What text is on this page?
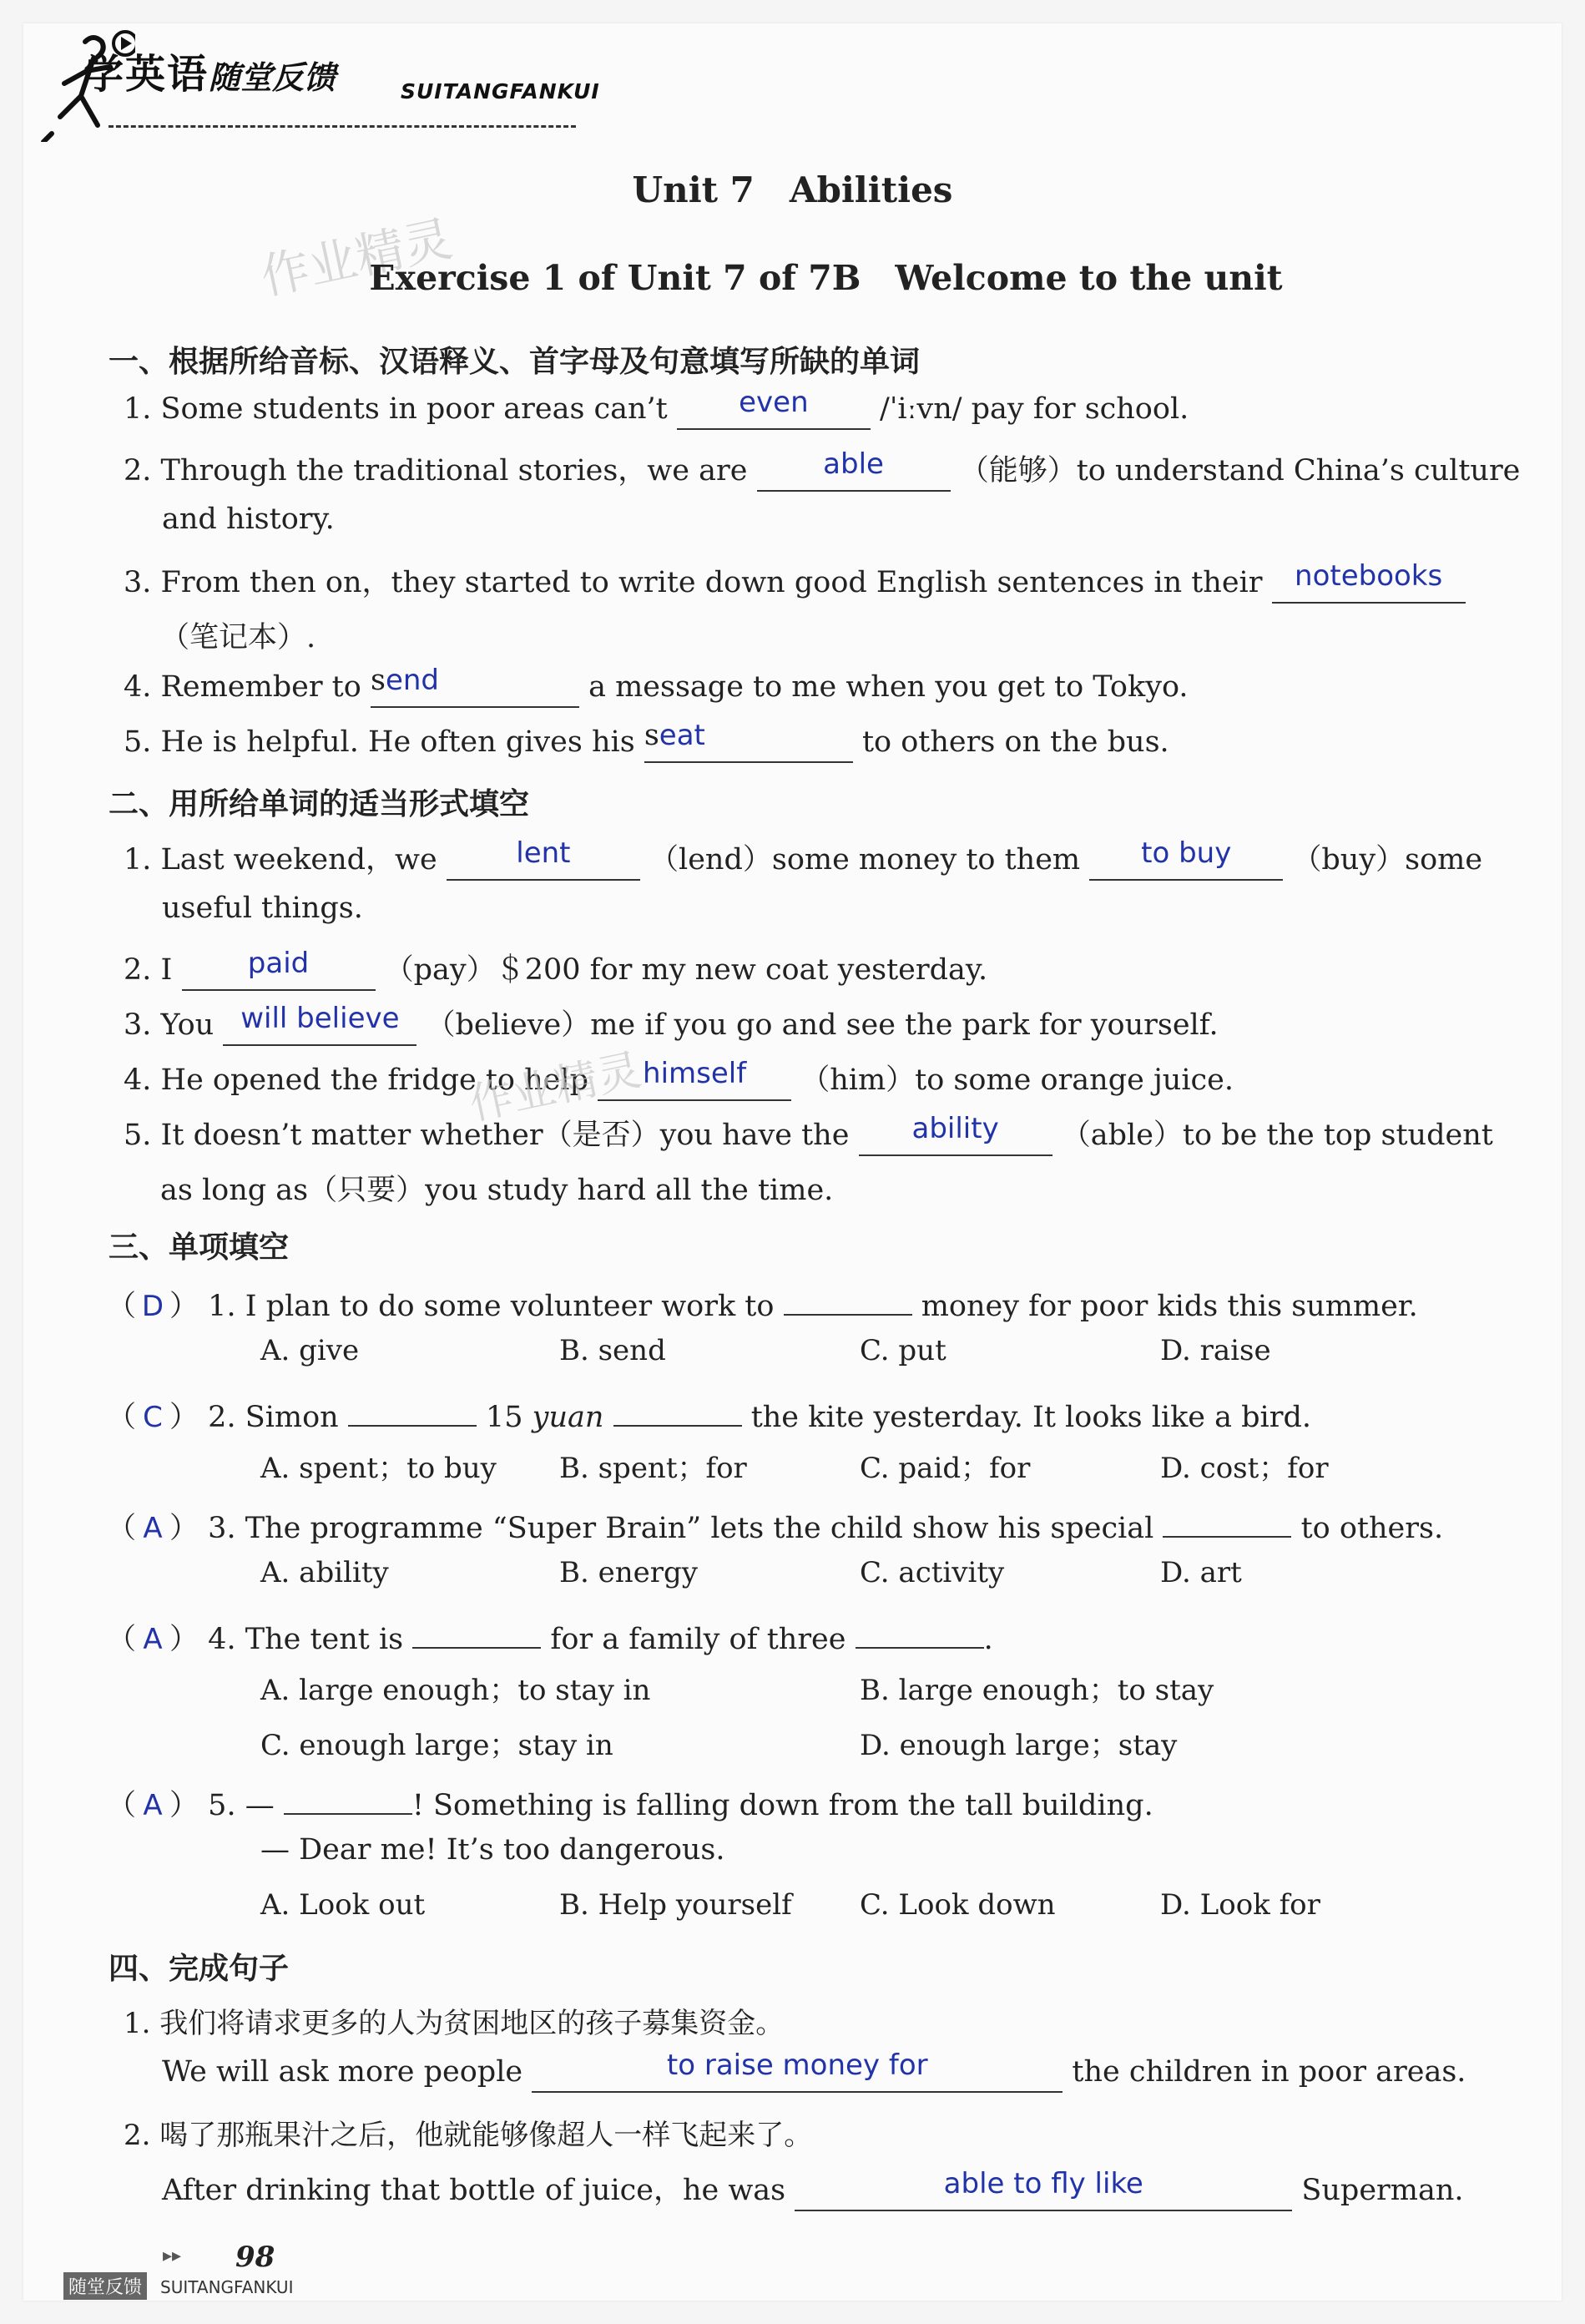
学英语 随堂反馈	SUITANGFANKUI
Unit 7　Abilities
作业精灵
Exercise 1 of Unit 7 of 7B　Welcome to the unit
一、根据所给音标、汉语释义、首字母及句意填写所缺的单词
1. Some students in poor areas can’t	even /ˈiːvn/ pay for school.
2. Through the traditional stories，we are	able	（能够）to understand China’s culture
and history.
3. From then on，they started to write down good English sentences in their notebooks
（笔记本）.
4. Remember to send	a message to me when you get to Tokyo.
5. He is helpful. He often gives his seat	to others on the bus.
二、用所给单词的适当形式填空
1. Last weekend，we	lent	（lend）some money to them to buy （buy）some
useful things.
2. I	paid	（pay）＄200 for my new coat yesterday.
3. You will believe （believe）me if you go and see the park for yourself.
4. He opened the fridge to help himself （him）to some orange juice.
5. It doesn’t matter whether（是否）you have the ability （able）to be the top student
as long as（只要）you study hard all the time.
作业精灵
三、单项填空
（ D ） 1. I plan to do some volunteer work to	money for poor kids this summer.
A. give	B. send	C. put	D. raise
（ C ） 2. Simon	15 yuan	the kite yesterday. It looks like a bird.
A. spent；to buy B. spent；for	C. paid；for	D. cost；for
（ A ） 3. The programme “Super Brain” lets the child show his special	to others.
A. ability	B. energy	C. activity	D. art
（ A ） 4. The tent is	for a family of three	.
A. large enough；to stay in	B. large enough；to stay
C. enough large；stay in	D. enough large；stay
（ A ） 5. —	! Something is falling down from the tall building.
— Dear me! It’s too dangerous.
A. Look out	B. Help yourself C. Look down	D. Look for
四、完成句子
1. 我们将请求更多的人为贫困地区的孩子募集资金。
We will ask more people	to raise money for	the children in poor areas.
2. 喝了那瓶果汁之后，他就能够像超人一样飞起来了。
After drinking that bottle of juice，he was	able to fly like	Superman.
▸▸ 98
随堂反馈	SUITANGFANKUI
